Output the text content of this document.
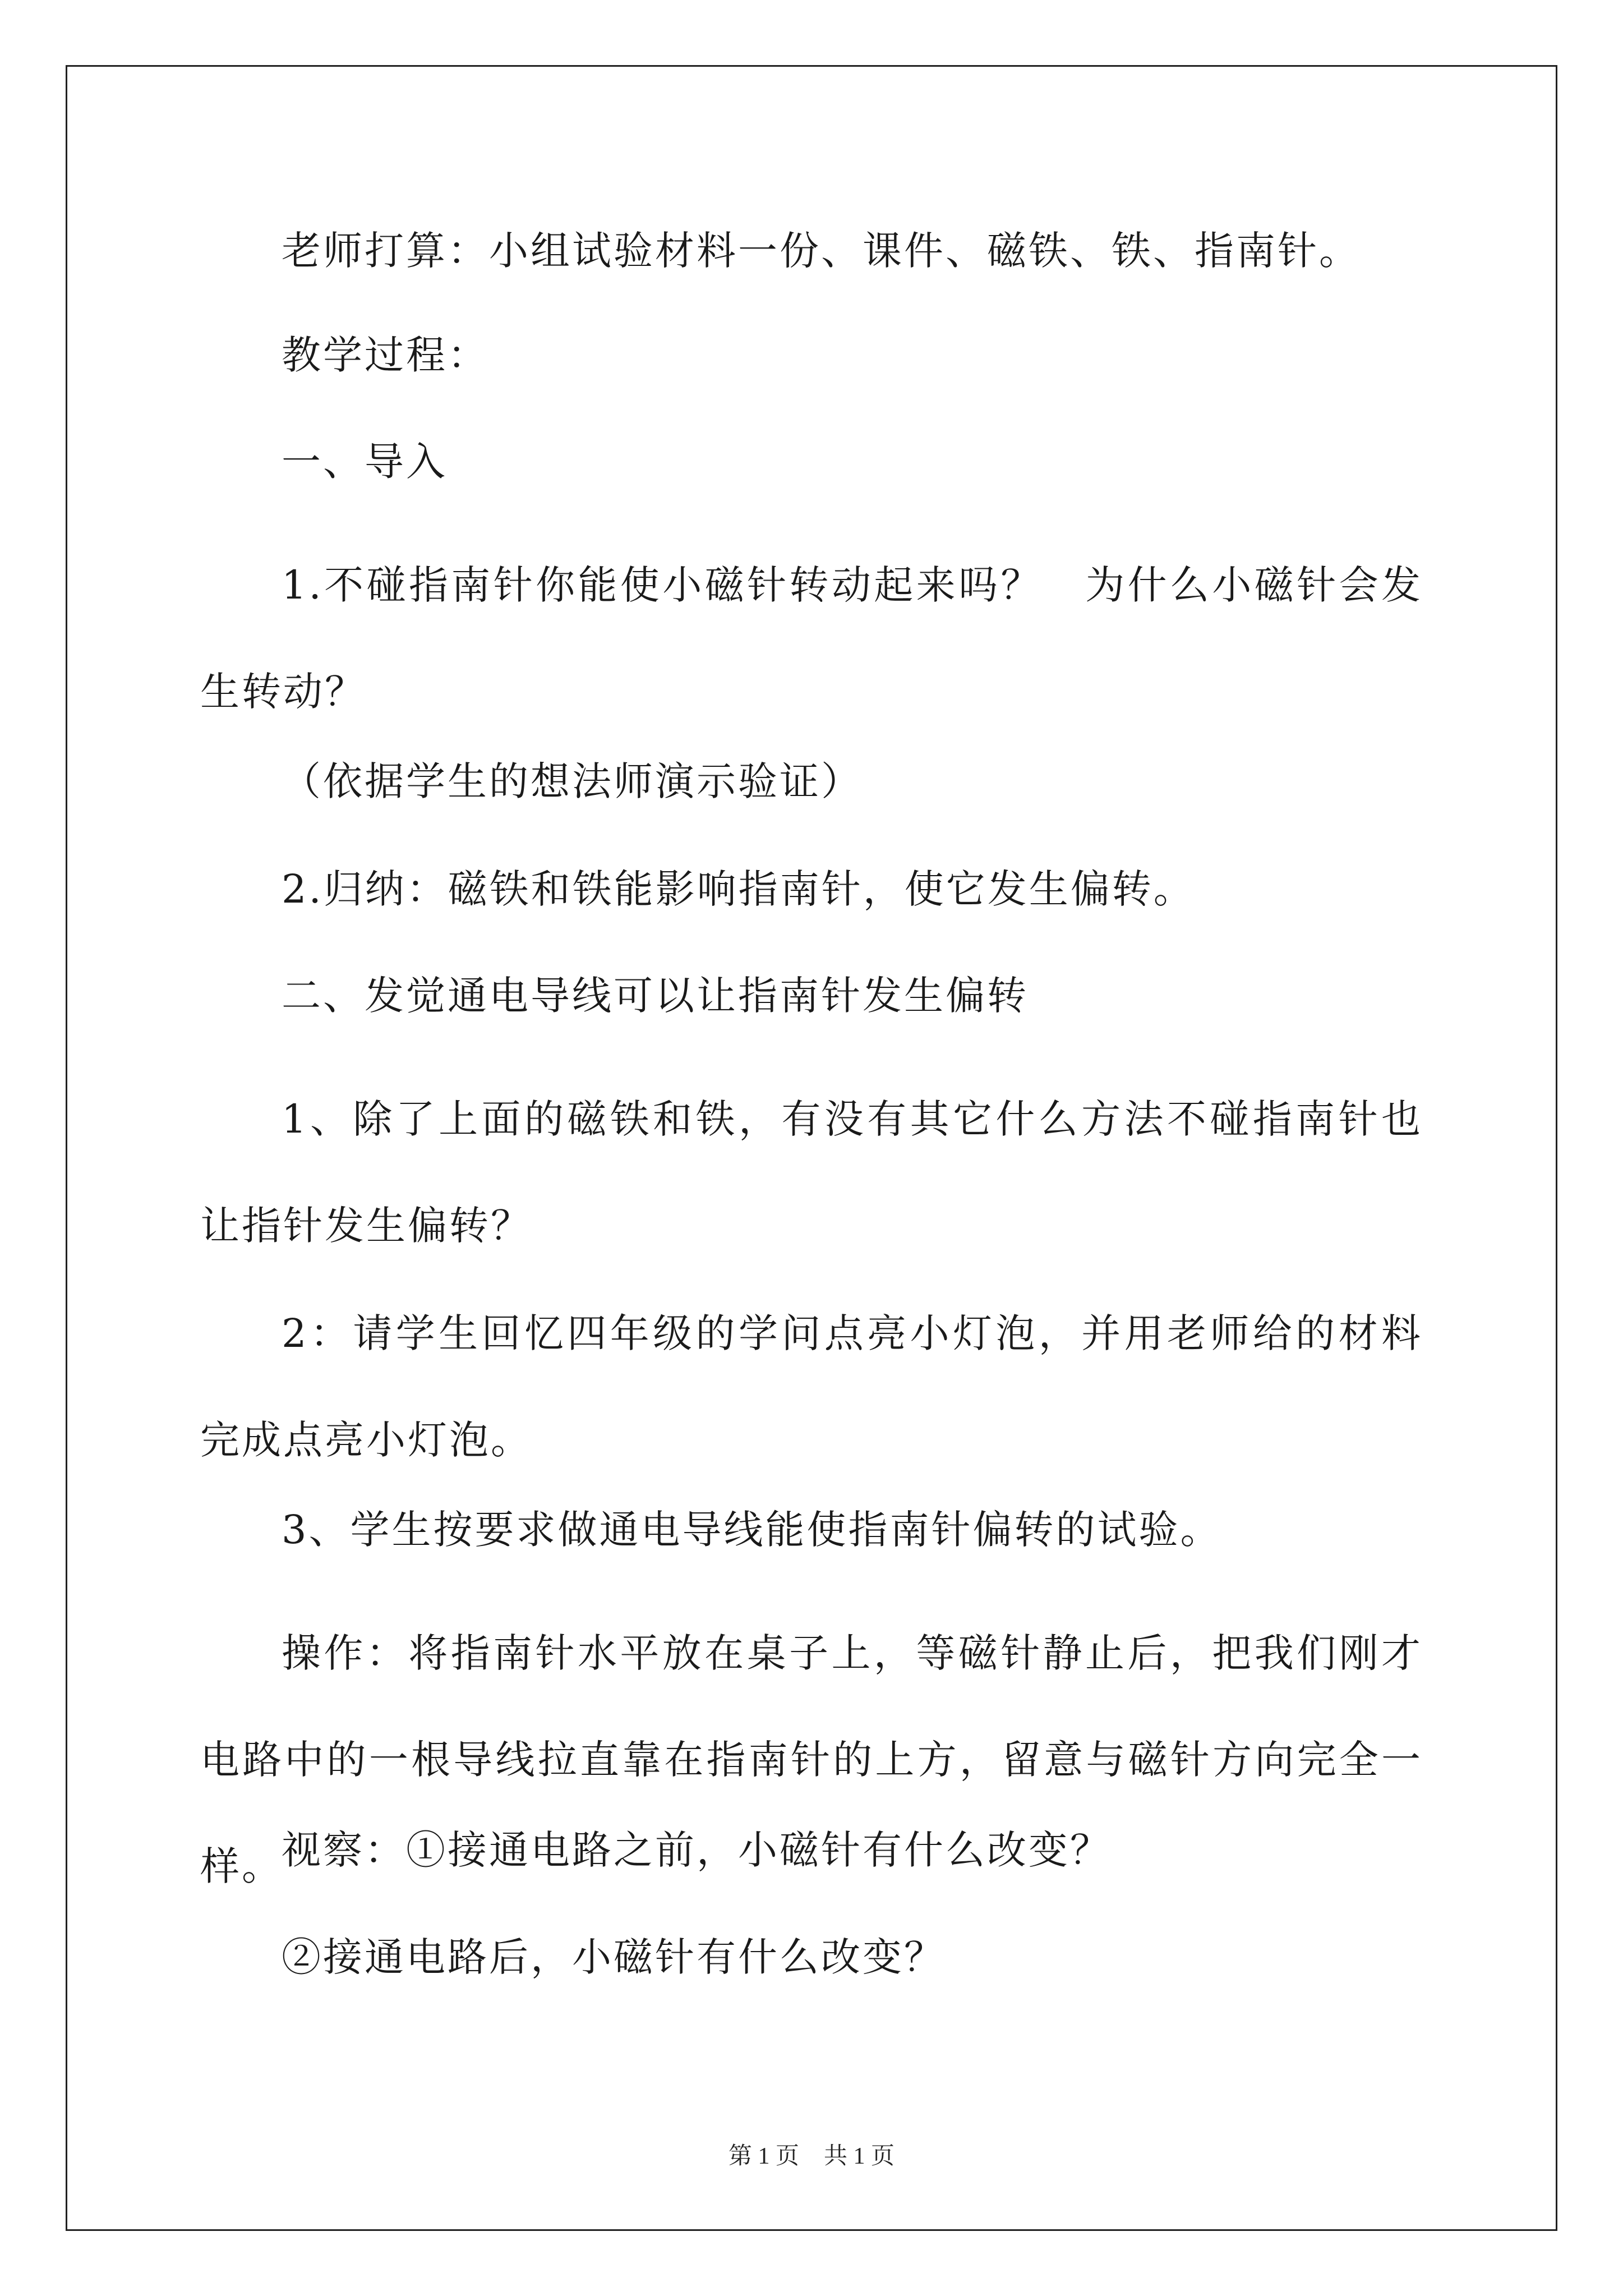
老师打算：小组试验材料一份、课件、磁铁、铁、指南针。

教学过程：

一、导入

1.不碰指南针你能使小磁针转动起来吗？　为什么小磁针会发生转动？

（依据学生的想法师演示验证）

2.归纳：磁铁和铁能影响指南针，使它发生偏转。

二、发觉通电导线可以让指南针发生偏转

1、除了上面的磁铁和铁，有没有其它什么方法不碰指南针也让指针发生偏转？

2：请学生回忆四年级的学问点亮小灯泡，并用老师给的材料完成点亮小灯泡。

3、学生按要求做通电导线能使指南针偏转的试验。

操作：将指南针水平放在桌子上，等磁针静止后，把我们刚才电路中的一根导线拉直靠在指南针的上方，留意与磁针方向完全一样。

视察：①接通电路之前，小磁针有什么改变？

②接通电路后，小磁针有什么改变？

第 1 页 共 1 页
